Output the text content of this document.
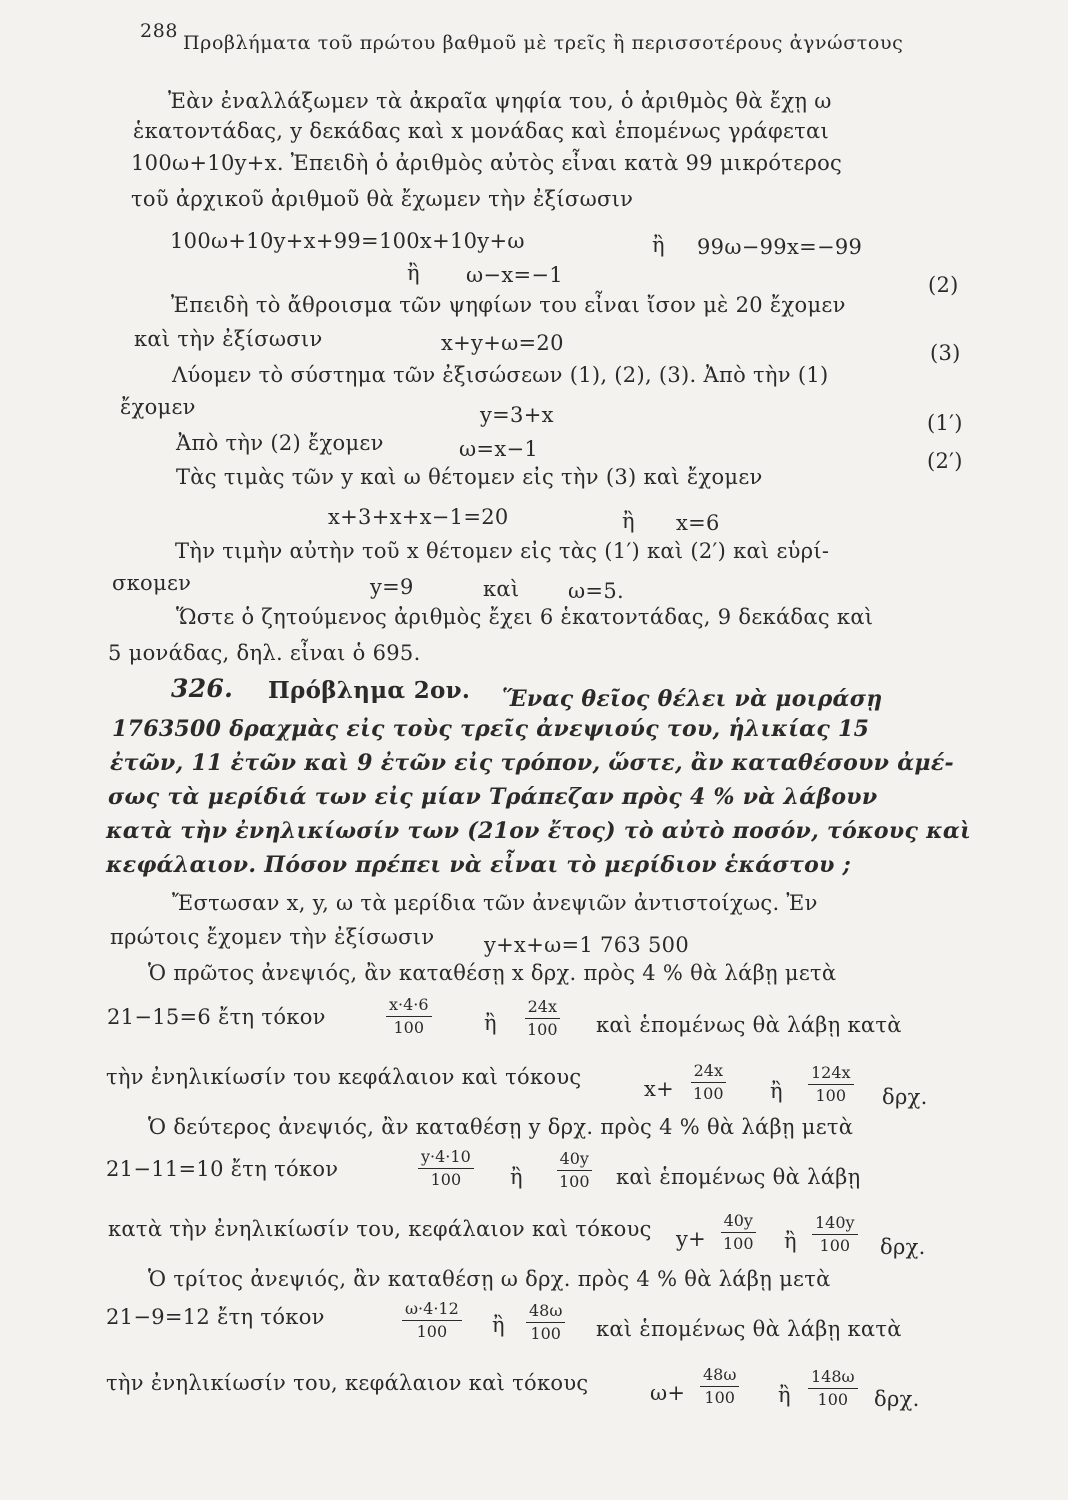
288
Προβλήματα τοῦ πρώτου βαθμοῦ μὲ τρεῖς ἢ περισσοτέρους ἀγνώστους
Ἐὰν ἐναλλάξωμεν τὰ ἀκραῖα ψηφία του, ὁ ἀριθμὸς θὰ ἔχῃ ω
ἑκατοντάδας, y δεκάδας καὶ x μονάδας καὶ ἑπομένως γράφεται
100ω+10y+x. Ἐπειδὴ ὁ ἀριθμὸς αὐτὸς εἶναι κατὰ 99 μικρότερος
τοῦ ἀρχικοῦ ἀριθμοῦ θὰ ἔχωμεν τὴν ἐξίσωσιν
100ω+10y+x+99=100x+10y+ω	ἢ 99ω−99x=−99
ἢ ω−x=−1	(2)
Ἐπειδὴ τὸ ἄθροισμα τῶν ψηφίων του εἶναι ἴσον μὲ 20 ἔχομεν
καὶ τὴν ἐξίσωσιν	x+y+ω=20	(3)
Λύομεν τὸ σύστημα τῶν ἐξισώσεων (1), (2), (3). Ἀπὸ τὴν (1)
ἔχομεν	y=3+x	(1′)
Ἀπὸ τὴν (2) ἔχομεν	ω=x−1	(2′)
Τὰς τιμὰς τῶν y καὶ ω θέτομεν εἰς τὴν (3) καὶ ἔχομεν
x+3+x+x−1=20	ἢ x=6
Τὴν τιμὴν αὐτὴν τοῦ x θέτομεν εἰς τὰς (1′) καὶ (2′) καὶ εὑρί-
σκομεν	y=9	καὶ ω=5.
Ὥστε ὁ ζητούμενος ἀριθμὸς ἔχει 6 ἑκατοντάδας, 9 δεκάδας καὶ
5 μονάδας, δηλ. εἶναι ὁ 695.
326. Πρόβλημα 2ον. Ἕνας θεῖος θέλει νὰ μοιράσῃ
1763500 δραχμὰς εἰς τοὺς τρεῖς ἀνεψιούς του, ἡλικίας 15
ἐτῶν, 11 ἐτῶν καὶ 9 ἐτῶν εἰς τρόπον, ὥστε, ἂν καταθέσουν ἀμέ-
σως τὰ μερίδιά των εἰς μίαν Τράπεζαν πρὸς 4 % νὰ λάβουν
κατὰ τὴν ἐνηλικίωσίν των (21ον ἔτος) τὸ αὐτὸ ποσόν, τόκους καὶ
κεφάλαιον. Πόσον πρέπει νὰ εἶναι τὸ μερίδιον ἑκάστου ;
Ἔστωσαν x, y, ω τὰ μερίδια τῶν ἀνεψιῶν ἀντιστοίχως. Ἐν
πρώτοις ἔχομεν τὴν ἐξίσωσιν y+x+ω=1 763 500
Ὁ πρῶτος ἀνεψιός, ἂν καταθέσῃ x δρχ. πρὸς 4 % θὰ λάβῃ μετὰ
21−15=6 ἔτη τόκον	$\frac{x\cdot 4\cdot 6}{100}$ ἢ $\frac{24x}{100}$ καὶ ἑπομένως θὰ λάβῃ κατὰ
τὴν ἐνηλικίωσίν του κεφάλαιον καὶ τόκους	$x+ \frac{24x}{100}$ ἢ $\frac{124x}{100} \delta\rho\chi$.
Ὁ δεύτερος ἀνεψιός, ἂν καταθέσῃ y δρχ. πρὸς 4 % θὰ λάβῃ μετὰ
21−11=10 ἔτη τόκον	$\frac{y\cdot 4\cdot 10}{100}$ ἢ $\frac{40y}{100}$ καὶ ἑπομένως θὰ λάβῃ
κατὰ τὴν ἐνηλικίωσίν του, κεφάλαιον καὶ τόκους $y+ \frac{40y}{100}$ ἢ $\frac{140y}{100} \delta\rho\chi$.
Ὁ τρίτος ἀνεψιός, ἂν καταθέσῃ ω δρχ. πρὸς 4 % θὰ λάβῃ μετὰ
21−9=12 ἔτη τόκον	$\frac{\omega\cdot 4\cdot 12}{100}$ ἢ $\frac{48\omega}{100}$ καὶ ἑπομένως θὰ λάβῃ κατὰ
τὴν ἐνηλικίωσίν του, κεφάλαιον καὶ τόκους	$\omega+ \frac{48\omega}{100}$ ἢ $\frac{148\omega}{100} \delta\rho\chi$.
